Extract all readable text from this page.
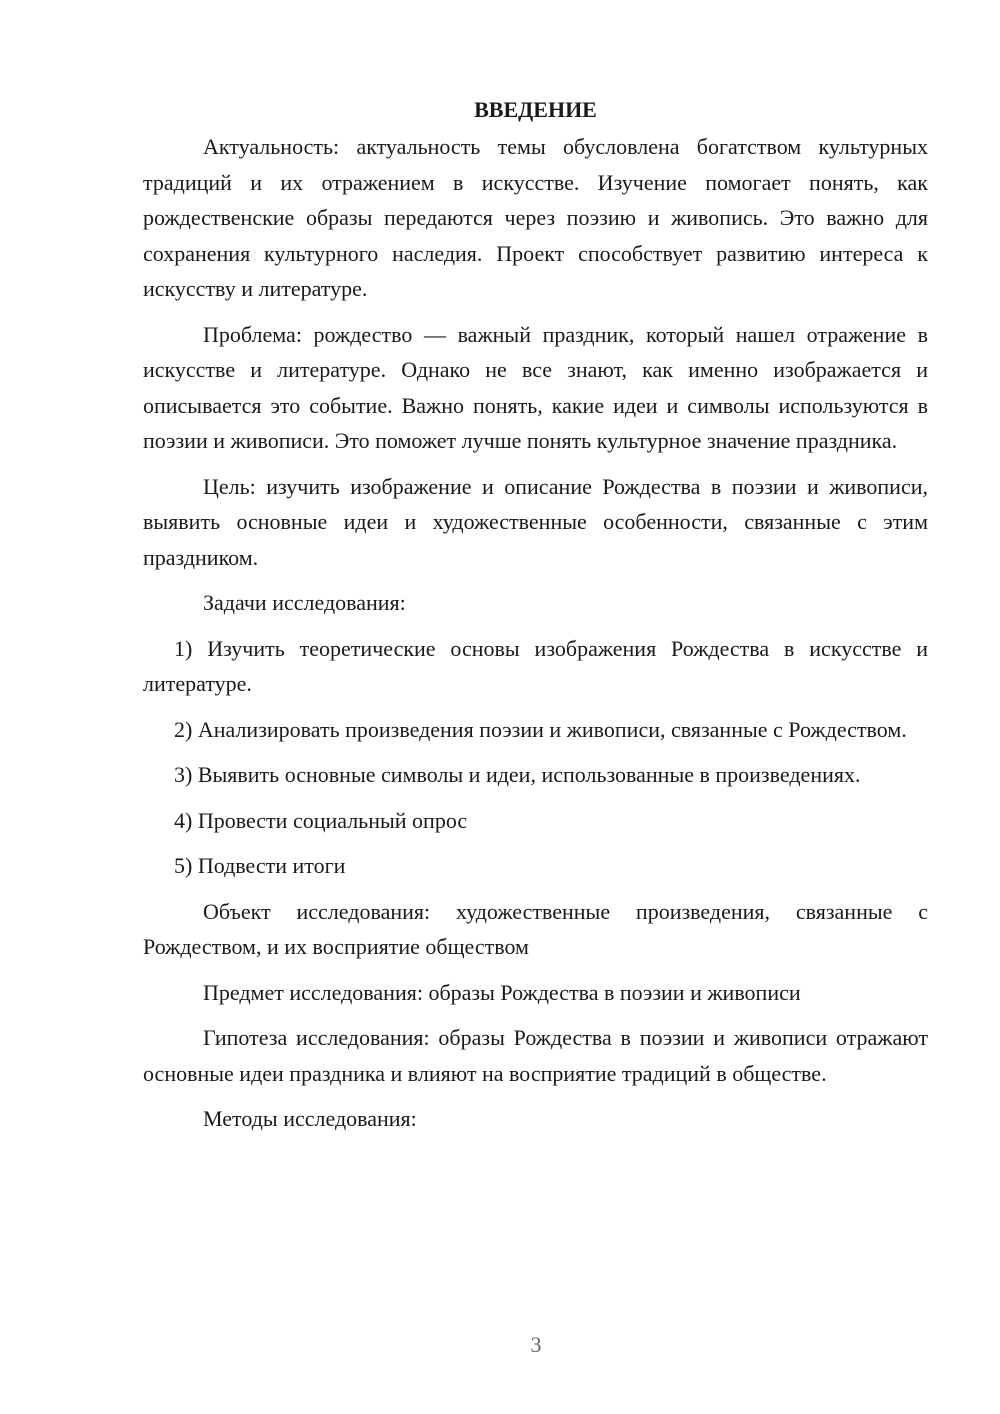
ВВЕДЕНИЕ

Актуальность: актуальность темы обусловлена богатством культурных традиций и их отражением в искусстве. Изучение помогает понять, как рождественские образы передаются через поэзию и живопись. Это важно для сохранения культурного наследия. Проект способствует развитию интереса к искусству и литературе.

Проблема: рождество — важный праздник, который нашел отражение в искусстве и литературе. Однако не все знают, как именно изображается и описывается это событие. Важно понять, какие идеи и символы используются в поэзии и живописи. Это поможет лучше понять культурное значение праздника.

Цель: изучить изображение и описание Рождества в поэзии и живописи, выявить основные идеи и художественные особенности, связанные с этим праздником.

Задачи исследования:

1) Изучить теоретические основы изображения Рождества в искусстве и литературе.

2) Анализировать произведения поэзии и живописи, связанные с Рождеством.

3) Выявить основные символы и идеи, использованные в произведениях.

4) Провести социальный опрос

5) Подвести итоги

Объект исследования: художественные произведения, связанные с Рождеством, и их восприятие обществом

Предмет исследования: образы Рождества в поэзии и живописи

Гипотеза исследования: образы Рождества в поэзии и живописи отражают основные идеи праздника и влияют на восприятие традиций в обществе.

Методы исследования:

3
